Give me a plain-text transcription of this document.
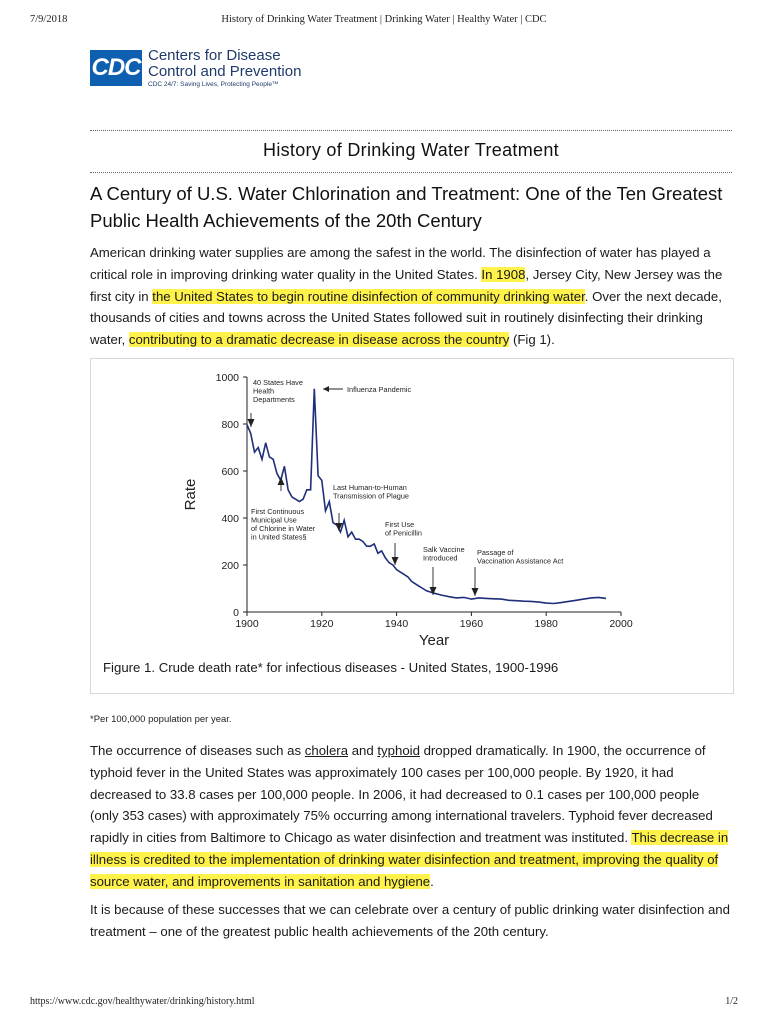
7/9/2018	History of Drinking Water Treatment | Drinking Water | Healthy Water | CDC
CDC Centers for Disease
Control and Prevention
CDC 24/7: Saving Lives, Protecting People™
History of Drinking Water Treatment
A Century of U.S. Water Chlorination and Treatment: One of the Ten Greatest
Public Health Achievements of the 20th Century
American drinking water supplies are among the safest in the world. The disinfection of water has played a critical role in improving drinking water quality in the United States. In 1908, Jersey City, New Jersey was the first city in the United States to begin routine disinfection of community drinking water. Over the next decade, thousands of cities and towns across the United States followed suit in routinely disinfecting their drinking water, contributing to a dramatic decrease in disease across the country (Fig 1).
0
200
400
600
800
1000
1900	1920	1940	1960	1980	2000
Rate
Year
40 States Have
Health
Departments
Influenza Pandemic
First Continuous
Municipal Use
of Chlorine in Water
in United States§
Last Human-to-Human
Transmission of Plague
First Use
of Penicillin
Salk Vaccine
Introduced
Passage of
Vaccination Assistance Act
Figure 1. Crude death rate* for infectious diseases - United States, 1900-1996
*Per 100,000 population per year.
The occurrence of diseases such as cholera and typhoid dropped dramatically. In 1900, the occurrence of typhoid fever in the United States was approximately 100 cases per 100,000 people. By 1920, it had decreased to 33.8 cases per 100,000 people. In 2006, it had decreased to 0.1 cases per 100,000 people (only 353 cases) with approximately 75% occurring among international travelers. Typhoid fever decreased rapidly in cities from Baltimore to Chicago as water disinfection and treatment was instituted. This decrease in illness is credited to the implementation of drinking water disinfection and treatment, improving the quality of source water, and improvements in sanitation and hygiene.
It is because of these successes that we can celebrate over a century of public drinking water disinfection and treatment – one of the greatest public health achievements of the 20th century.
https://www.cdc.gov/healthywater/drinking/history.html	1/2
